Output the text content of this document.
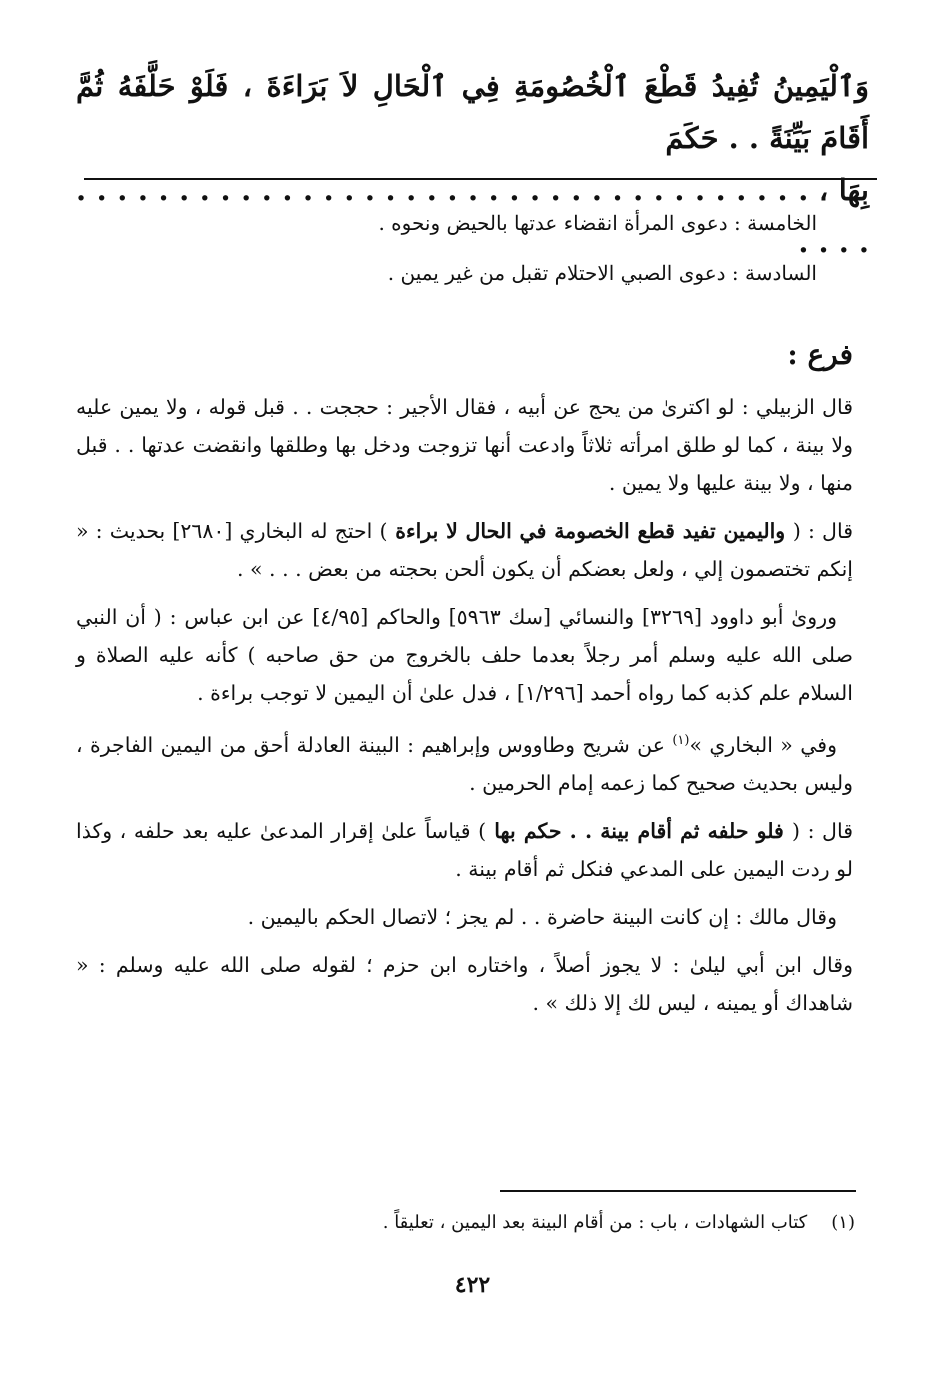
وَٱلْيَمِينُ تُفِيدُ قَطْعَ ٱلْخُصُومَةِ فِي ٱلْحَالِ لاَ بَرَاءَةَ ، فَلَوْ حَلَّفَهُ ثُمَّ أَقَامَ بَيِّنَةً . . حَكَمَ
بِهَا ، . . . . . . . . . . . . . . . . . . . . . . . . . . . . . . . . . . . . . . . .
الخامسة : دعوى المرأة انقضاء عدتها بالحيض ونحوه .
السادسة : دعوى الصبي الاحتلام تقبل من غير يمين .
فرع :

قال الزبيلي : لو اكترىٰ من يحج عن أبيه ، فقال الأجير : حججت . . قبل قوله ، ولا يمين عليه ولا بينة ، كما لو طلق امرأته ثلاثاً وادعت أنها تزوجت ودخل بها وطلقها وانقضت عدتها . . قبل منها ، ولا بينة عليها ولا يمين .

قال : ( واليمين تفيد قطع الخصومة في الحال لا براءة ) احتج له البخاري [٢٦٨٠] بحديث : « إنكم تختصمون إلي ، ولعل بعضكم أن يكون ألحن بحجته من بعض . . . » .

وروىٰ أبو داوود [٣٢٦٩] والنسائي [سك ٥٩٦٣] والحاكم [٤/٩٥] عن ابن عباس : ( أن النبي صلى الله عليه وسلم أمر رجلاً بعدما حلف بالخروج من حق صاحبه ) كأنه عليه الصلاة و السلام علم كذبه كما رواه أحمد [١/٢٩٦] ، فدل علىٰ أن اليمين لا توجب براءة .

وفي « البخاري »$^{(١)}$ عن شريح وطاووس وإبراهيم : البينة العادلة أحق من اليمين الفاجرة ، وليس بحديث صحيح كما زعمه إمام الحرمين .

قال : ( فلو حلفه ثم أقام بينة . . حكم بها ) قياساً علىٰ إقرار المدعىٰ عليه بعد حلفه ، وكذا لو ردت اليمين على المدعي فنكل ثم أقام بينة .

وقال مالك : إن كانت البينة حاضرة . . لم يجز ؛ لاتصال الحكم باليمين .

وقال ابن أبي ليلىٰ : لا يجوز أصلاً ، واختاره ابن حزم ؛ لقوله صلى الله عليه وسلم : « شاهداك أو يمينه ، ليس لك إلا ذلك » .

(١)كتاب الشهادات ، باب : من أقام البينة بعد اليمين ، تعليقاً .
٤٢٢
